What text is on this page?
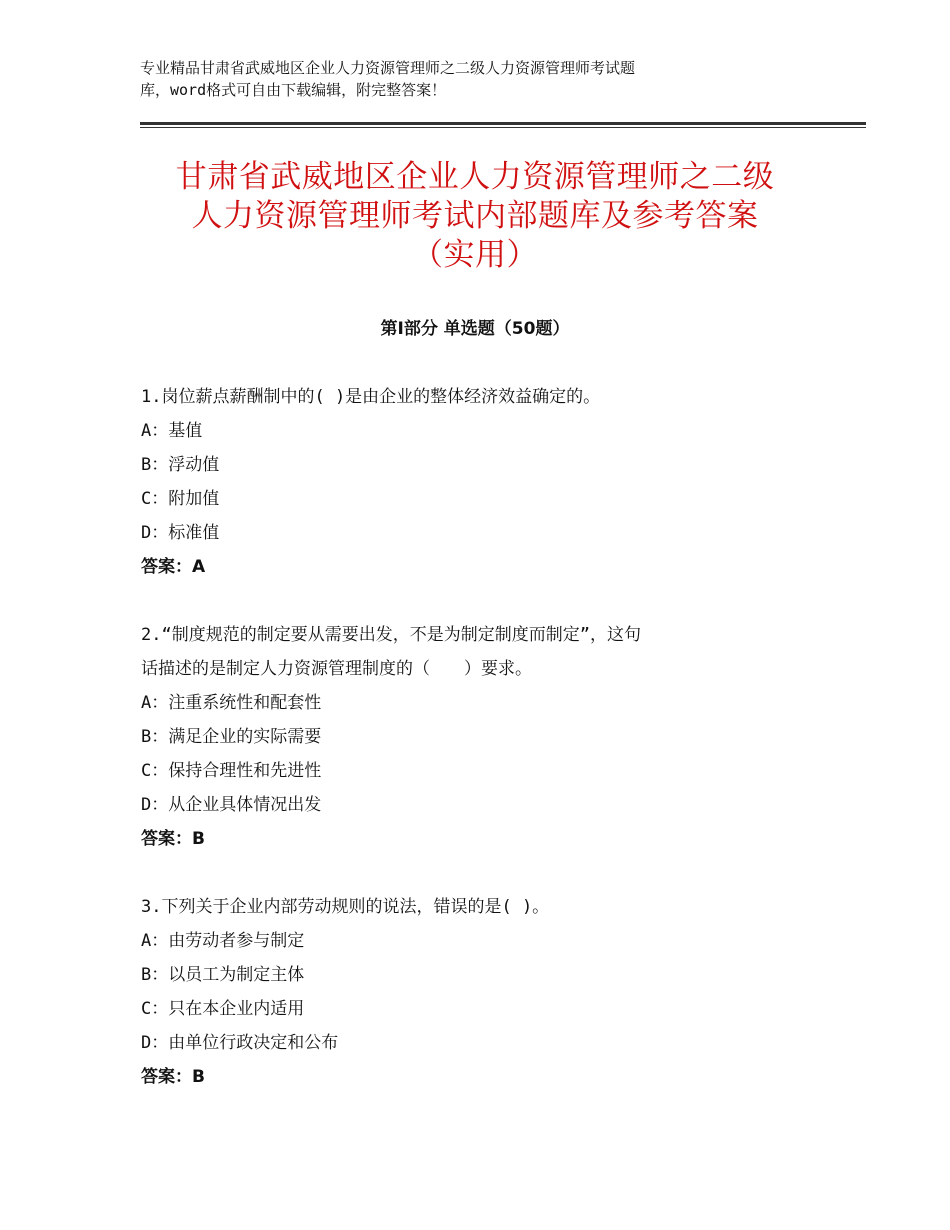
专业精品甘肃省武威地区企业人力资源管理师之二级人力资源管理师考试题
库，word格式可自由下载编辑，附完整答案！
甘肃省武威地区企业人力资源管理师之二级
人力资源管理师考试内部题库及参考答案
（实用）
第Ⅰ部分 单选题（50题）
1.岗位薪点薪酬制中的( )是由企业的整体经济效益确定的。
A：基值
B：浮动值
C：附加值
D：标准值
答案：A
2.“制度规范的制定要从需要出发，不是为制定制度而制定”，这句
话描述的是制定人力资源管理制度的（　　）要求。
A：注重系统性和配套性
B：满足企业的实际需要
C：保持合理性和先进性
D：从企业具体情况出发
答案：B
3.下列关于企业内部劳动规则的说法，错误的是( )。
A：由劳动者参与制定
B：以员工为制定主体
C：只在本企业内适用
D：由单位行政决定和公布
答案：B
